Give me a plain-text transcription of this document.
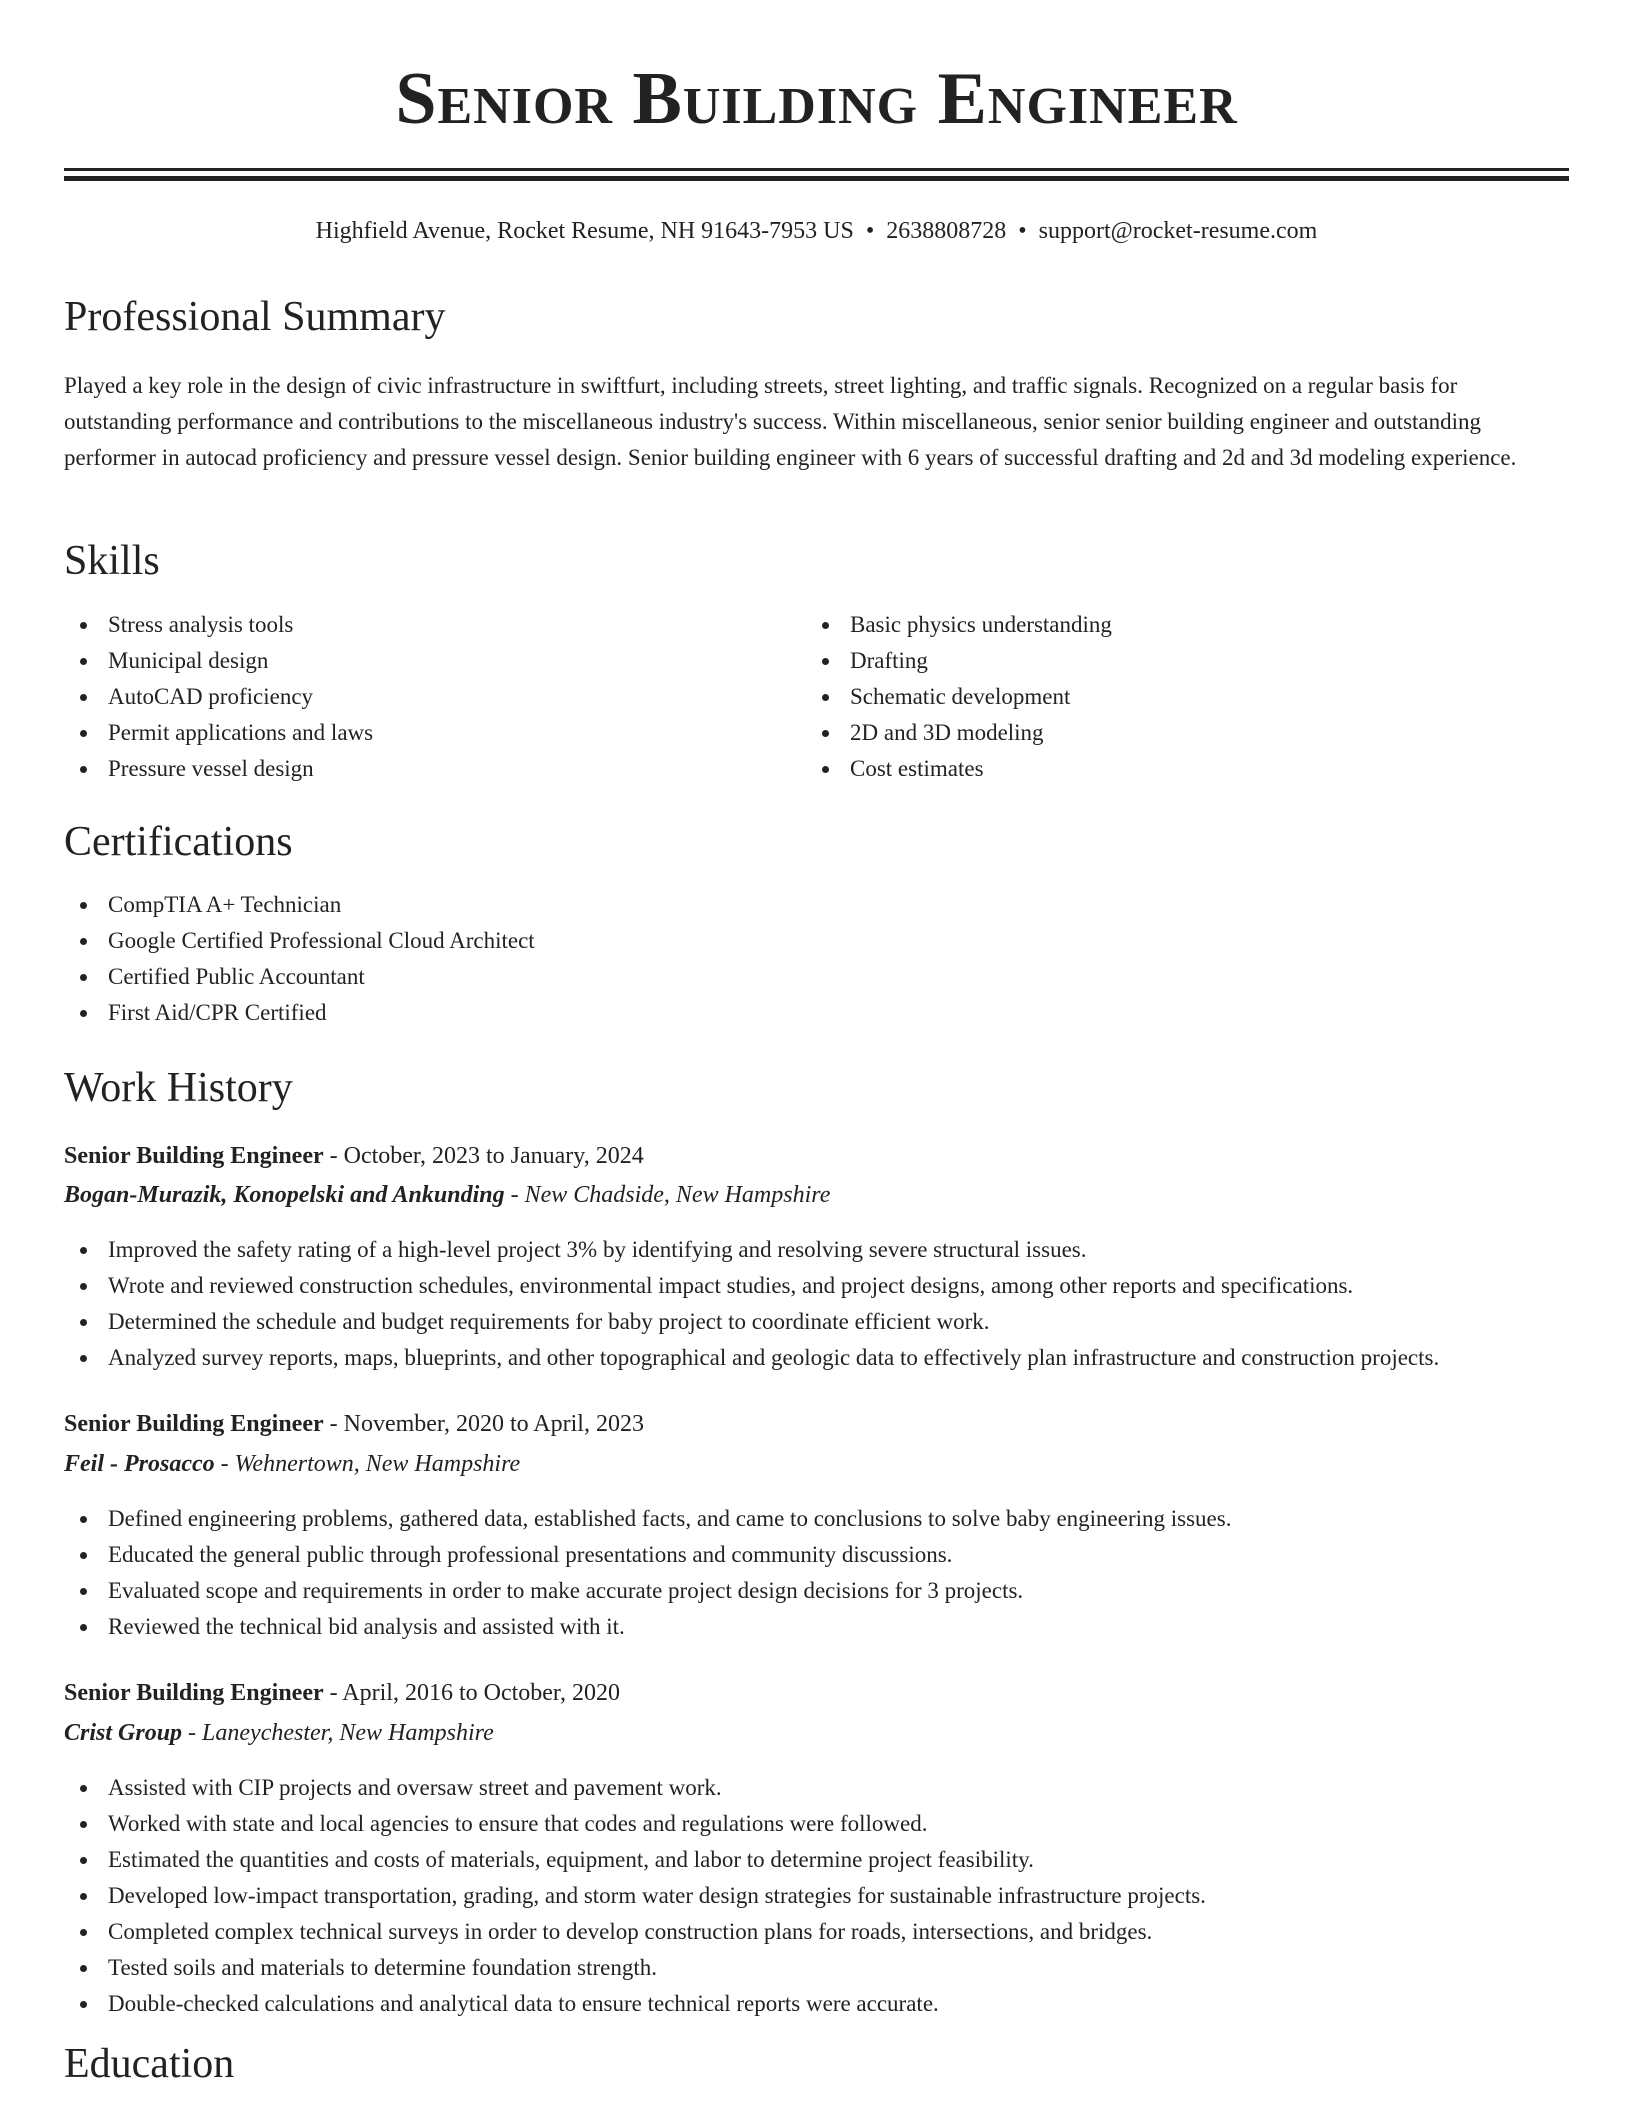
Senior Building Engineer
Highfield Avenue, Rocket Resume, NH 91643-7953 US • 2638808728 • support@rocket-resume.com
Professional Summary

Played a key role in the design of civic infrastructure in swiftfurt, including streets, street lighting, and traffic signals. Recognized on a regular basis for outstanding performance and contributions to the miscellaneous industry's success. Within miscellaneous, senior senior building engineer and outstanding performer in autocad proficiency and pressure vessel design. Senior building engineer with 6 years of successful drafting and 2d and 3d modeling experience.

Skills
Stress analysis tools
Municipal design
AutoCAD proficiency
Permit applications and laws
Pressure vessel design
Basic physics understanding
Drafting
Schematic development
2D and 3D modeling
Cost estimates
Certifications
CompTIA A+ Technician
Google Certified Professional Cloud Architect
Certified Public Accountant
First Aid/CPR Certified
Work History
Senior Building Engineer - October, 2023 to January, 2024
Bogan-Murazik, Konopelski and Ankunding - New Chadside, New Hampshire
Improved the safety rating of a high-level project 3% by identifying and resolving severe structural issues.
Wrote and reviewed construction schedules, environmental impact studies, and project designs, among other reports and specifications.
Determined the schedule and budget requirements for baby project to coordinate efficient work.
Analyzed survey reports, maps, blueprints, and other topographical and geologic data to effectively plan infrastructure and construction projects.
Senior Building Engineer - November, 2020 to April, 2023
Feil - Prosacco - Wehnertown, New Hampshire
Defined engineering problems, gathered data, established facts, and came to conclusions to solve baby engineering issues.
Educated the general public through professional presentations and community discussions.
Evaluated scope and requirements in order to make accurate project design decisions for 3 projects.
Reviewed the technical bid analysis and assisted with it.
Senior Building Engineer - April, 2016 to October, 2020
Crist Group - Laneychester, New Hampshire
Assisted with CIP projects and oversaw street and pavement work.
Worked with state and local agencies to ensure that codes and regulations were followed.
Estimated the quantities and costs of materials, equipment, and labor to determine project feasibility.
Developed low-impact transportation, grading, and storm water design strategies for sustainable infrastructure projects.
Completed complex technical surveys in order to develop construction plans for roads, intersections, and bridges.
Tested soils and materials to determine foundation strength.
Double-checked calculations and analytical data to ensure technical reports were accurate.
Education
